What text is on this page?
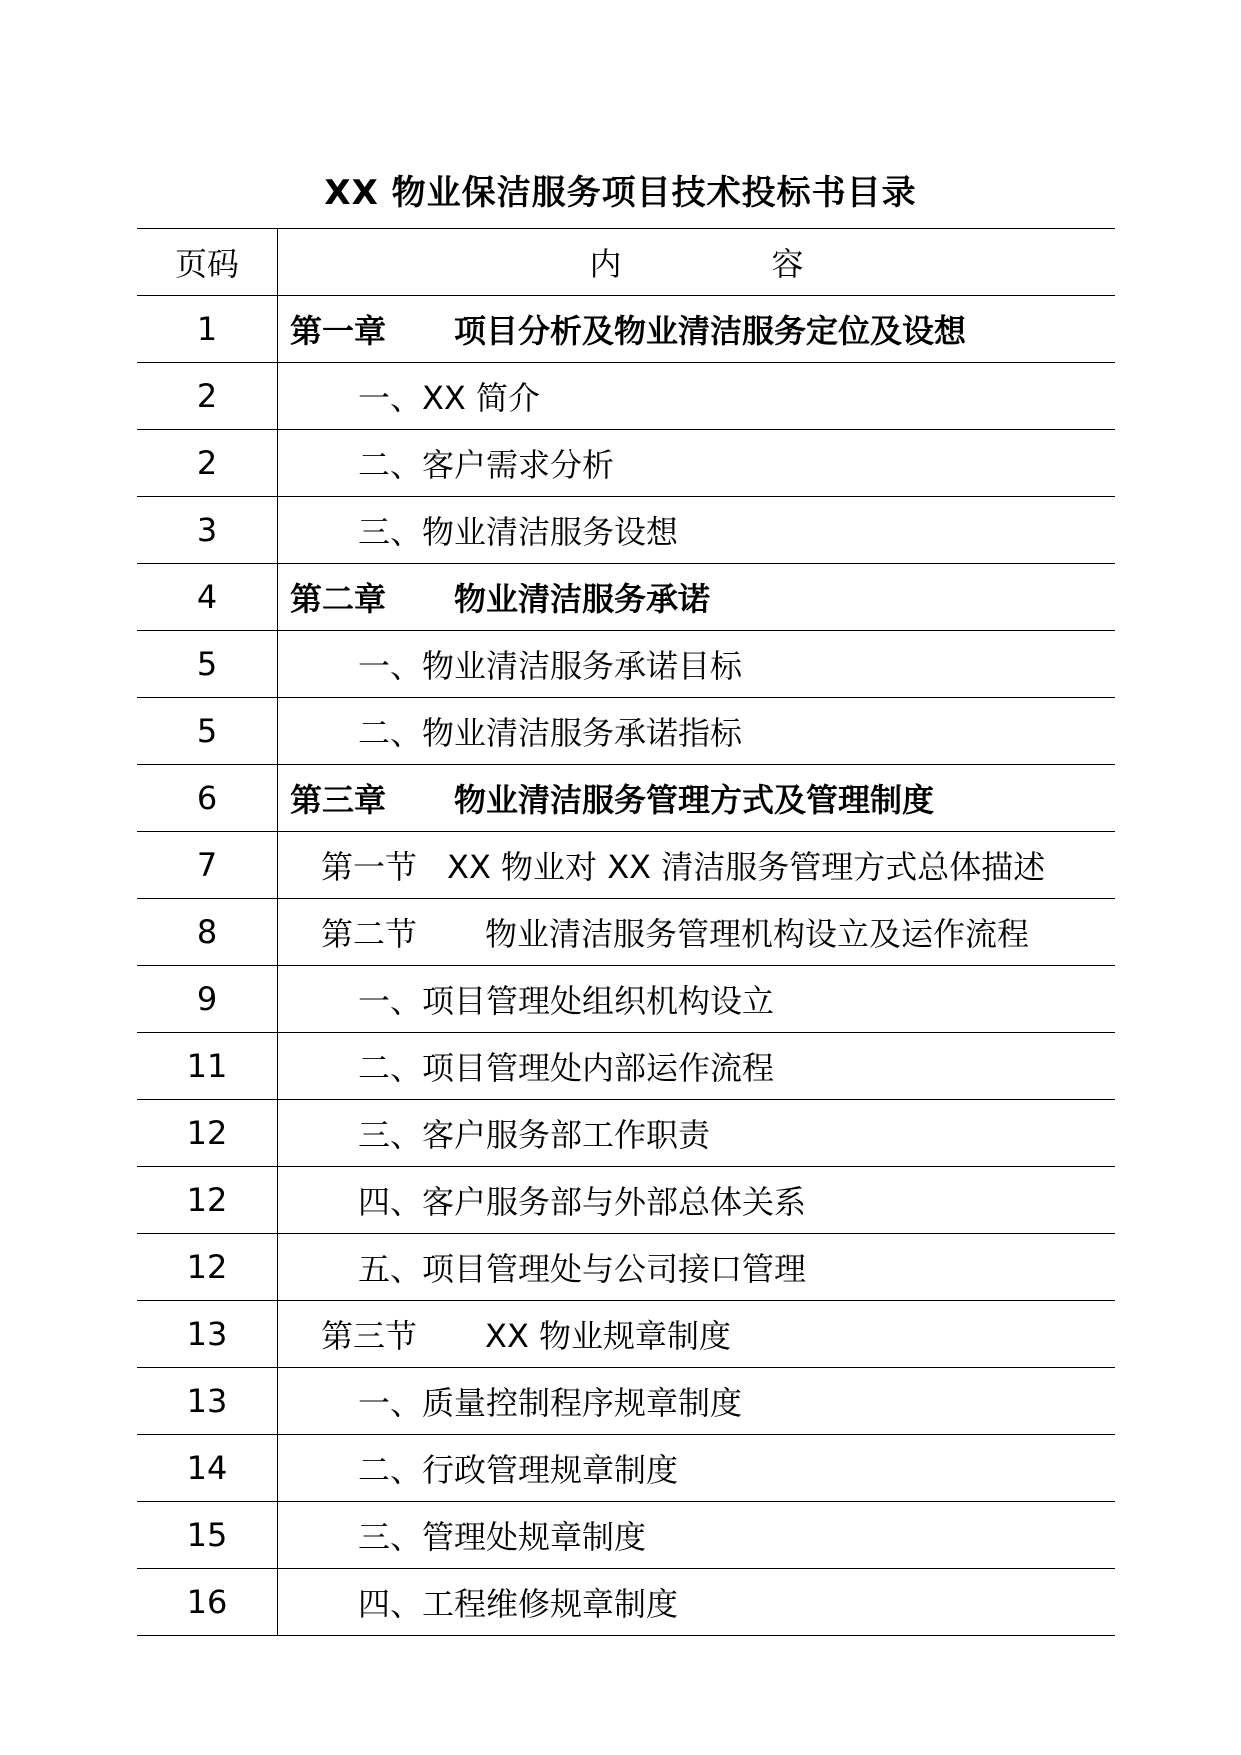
XX 物业保洁服务项目技术投标书目录
页码	内 容
1	第一章 项目分析及物业清洁服务定位及设想
2	一、XX 简介
2	二、客户需求分析
3	三、物业清洁服务设想
4	第二章 物业清洁服务承诺
5	一、物业清洁服务承诺目标
5	二、物业清洁服务承诺指标
6	第三章 物业清洁服务管理方式及管理制度
7	第一节 XX 物业对 XX 清洁服务管理方式总体描述
8	第二节 物业清洁服务管理机构设立及运作流程
9	一、项目管理处组织机构设立
11	二、项目管理处内部运作流程
12	三、客户服务部工作职责
12	四、客户服务部与外部总体关系
12	五、项目管理处与公司接口管理
13	第三节 XX 物业规章制度
13	一、质量控制程序规章制度
14	二、行政管理规章制度
15	三、管理处规章制度
16	四、工程维修规章制度
